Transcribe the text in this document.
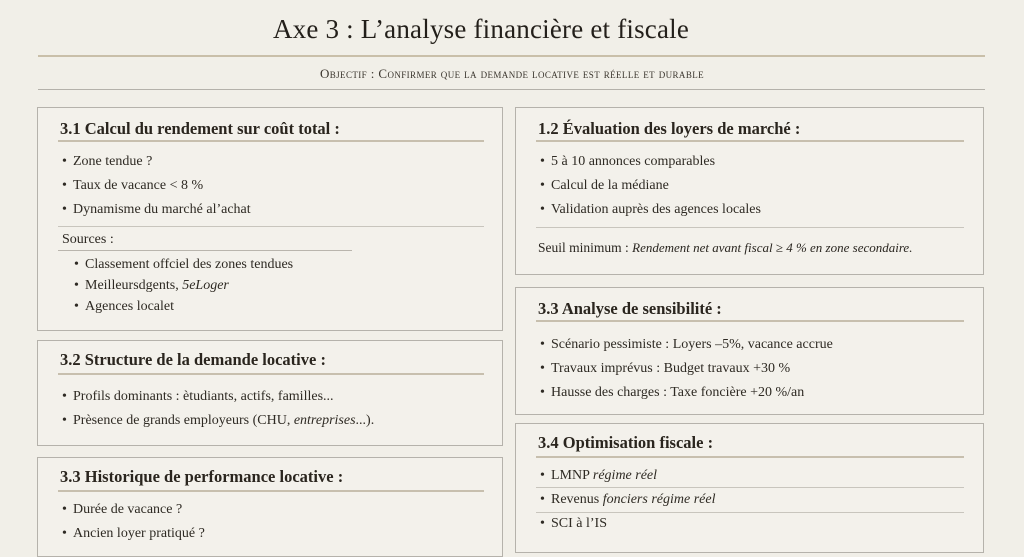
Axe 3 : L’analyse financière et fiscale
Objectif : Confirmer que la demande locative est réelle et durable
3.1 Calcul du rendement sur coût total :
• Zone tendue ?
• Taux de vacance < 8 %
• Dynamisme du marché al’achat
Sources :
• Classement offciel des zones tendues
• Meilleursdgents, 5eLoger
• Agences localet
3.2 Structure de la demande locative :
• Profils dominants : ètudiants, actifs, familles...
• Prèsence de grands employeurs (CHU, entreprises...).
3.3 Historique de performance locative :
• Durée de vacance ?
• Ancien loyer pratiqué ?
1.2 Évaluation des loyers de marché :
• 5 à 10 annonces comparables
• Calcul de la médiane
• Validation auprès des agences locales
Seuil minimum : Rendement net avant fiscal ≥ 4 % en zone secondaire.
3.3 Analyse de sensibilité :
• Scénario pessimiste : Loyers –5%, vacance accrue
• Travaux imprévus : Budget travaux +30 %
• Hausse des charges : Taxe foncière +20 %/an
3.4 Optimisation fiscale :
• LMNP régime réel
• Revenus fonciers régime réel
• SCI à l’IS
